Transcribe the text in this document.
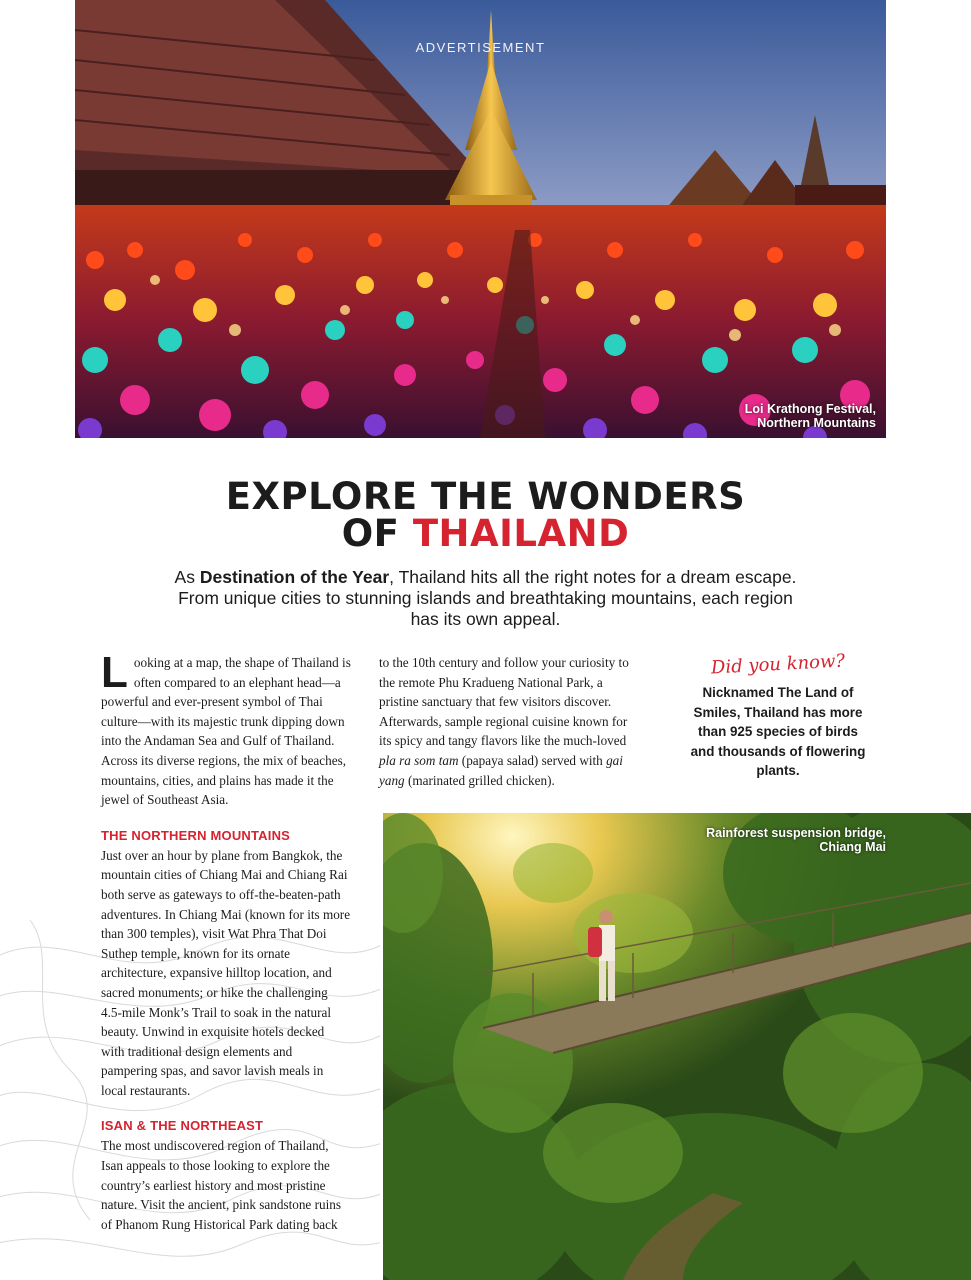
ADVERTISEMENT
Loi Krathong Festival,
Northern Mountains
EXPLORE THE WONDERS
OF THAILAND
As Destination of the Year, Thailand hits all the right notes for a dream escape. From unique cities to stunning islands and breathtaking mountains, each region has its own appeal.

Looking at a map, the shape of Thailand is often compared to an elephant head—a powerful and ever-present symbol of Thai culture—with its majestic trunk dipping down into the Andaman Sea and Gulf of Thailand. Across its diverse regions, the mix of beaches, mountains, cities, and plains has made it the jewel of Southeast Asia.

THE NORTHERN MOUNTAINS

Just over an hour by plane from Bangkok, the mountain cities of Chiang Mai and Chiang Rai both serve as gateways to off-the-beaten-path adventures. In Chiang Mai (known for its more than 300 temples), visit Wat Phra That Doi Suthep temple, known for its ornate architecture, expansive hilltop location, and sacred monuments; or hike the challenging 4.5-mile Monk’s Trail to soak in the natural beauty. Unwind in exquisite hotels decked with traditional design elements and pampering spas, and savor lavish meals in local restaurants.

ISAN & THE NORTHEAST

The most undiscovered region of Thailand, Isan appeals to those looking to explore the country’s earliest history and most pristine nature. Visit the ancient, pink sandstone ruins of Phanom Rung Historical Park dating back

to the 10th century and follow your curiosity to the remote Phu Kradueng National Park, a pristine sanctuary that few visitors discover. Afterwards, sample regional cuisine known for its spicy and tangy flavors like the much-loved pla ra som tam (papaya salad) served with gai yang (marinated grilled chicken).

Did you know?
Nicknamed The Land of Smiles, Thailand has more than 925 species of birds and thousands of flowering plants.
Rainforest suspension bridge,
Chiang Mai
